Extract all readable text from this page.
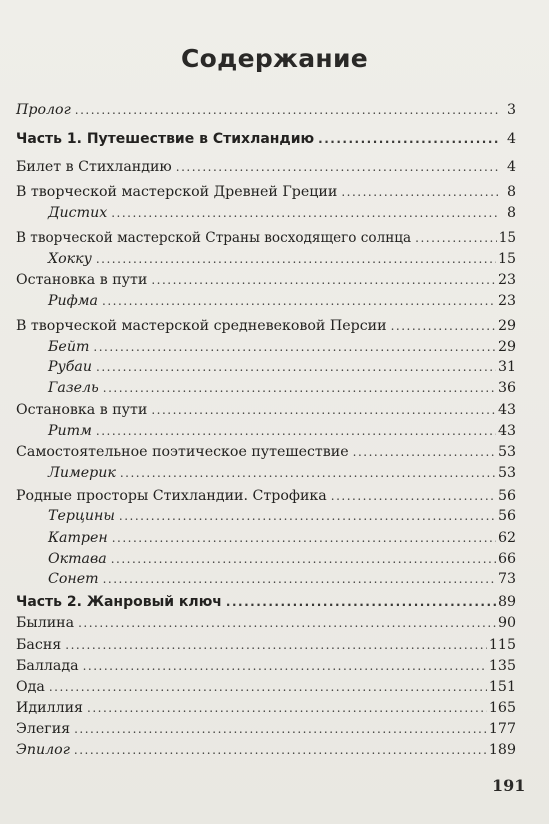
Содержание
Пролог .....	3
Часть 1. Путешествие в Стихландию .....	4
Билет в Стихландию .....	4
В творческой мастерской Древней Греции .....	8
Дистих .....	8
В творческой мастерской Страны восходящего солнца .....	15
Хокку .....	15
Остановка в пути .....	23
Рифма .....	23
В творческой мастерской средневековой Персии .....	29
Бейт .....	29
Рубаи .....	31
Газель .....	36
Остановка в пути .....	43
Ритм .....	43
Самостоятельное поэтическое путешествие .....	53
Лимерик .....	53
Родные просторы Стихландии. Строфика .....	56
Терцины .....	56
Катрен .....	62
Октава .....	66
Сонет .....	73
Часть 2. Жанровый ключ .....	89
Былина .....	90
Басня .....	115
Баллада .....	135
Ода .....	151
Идиллия .....	165
Элегия .....	177
Эпилог .....	189
191
